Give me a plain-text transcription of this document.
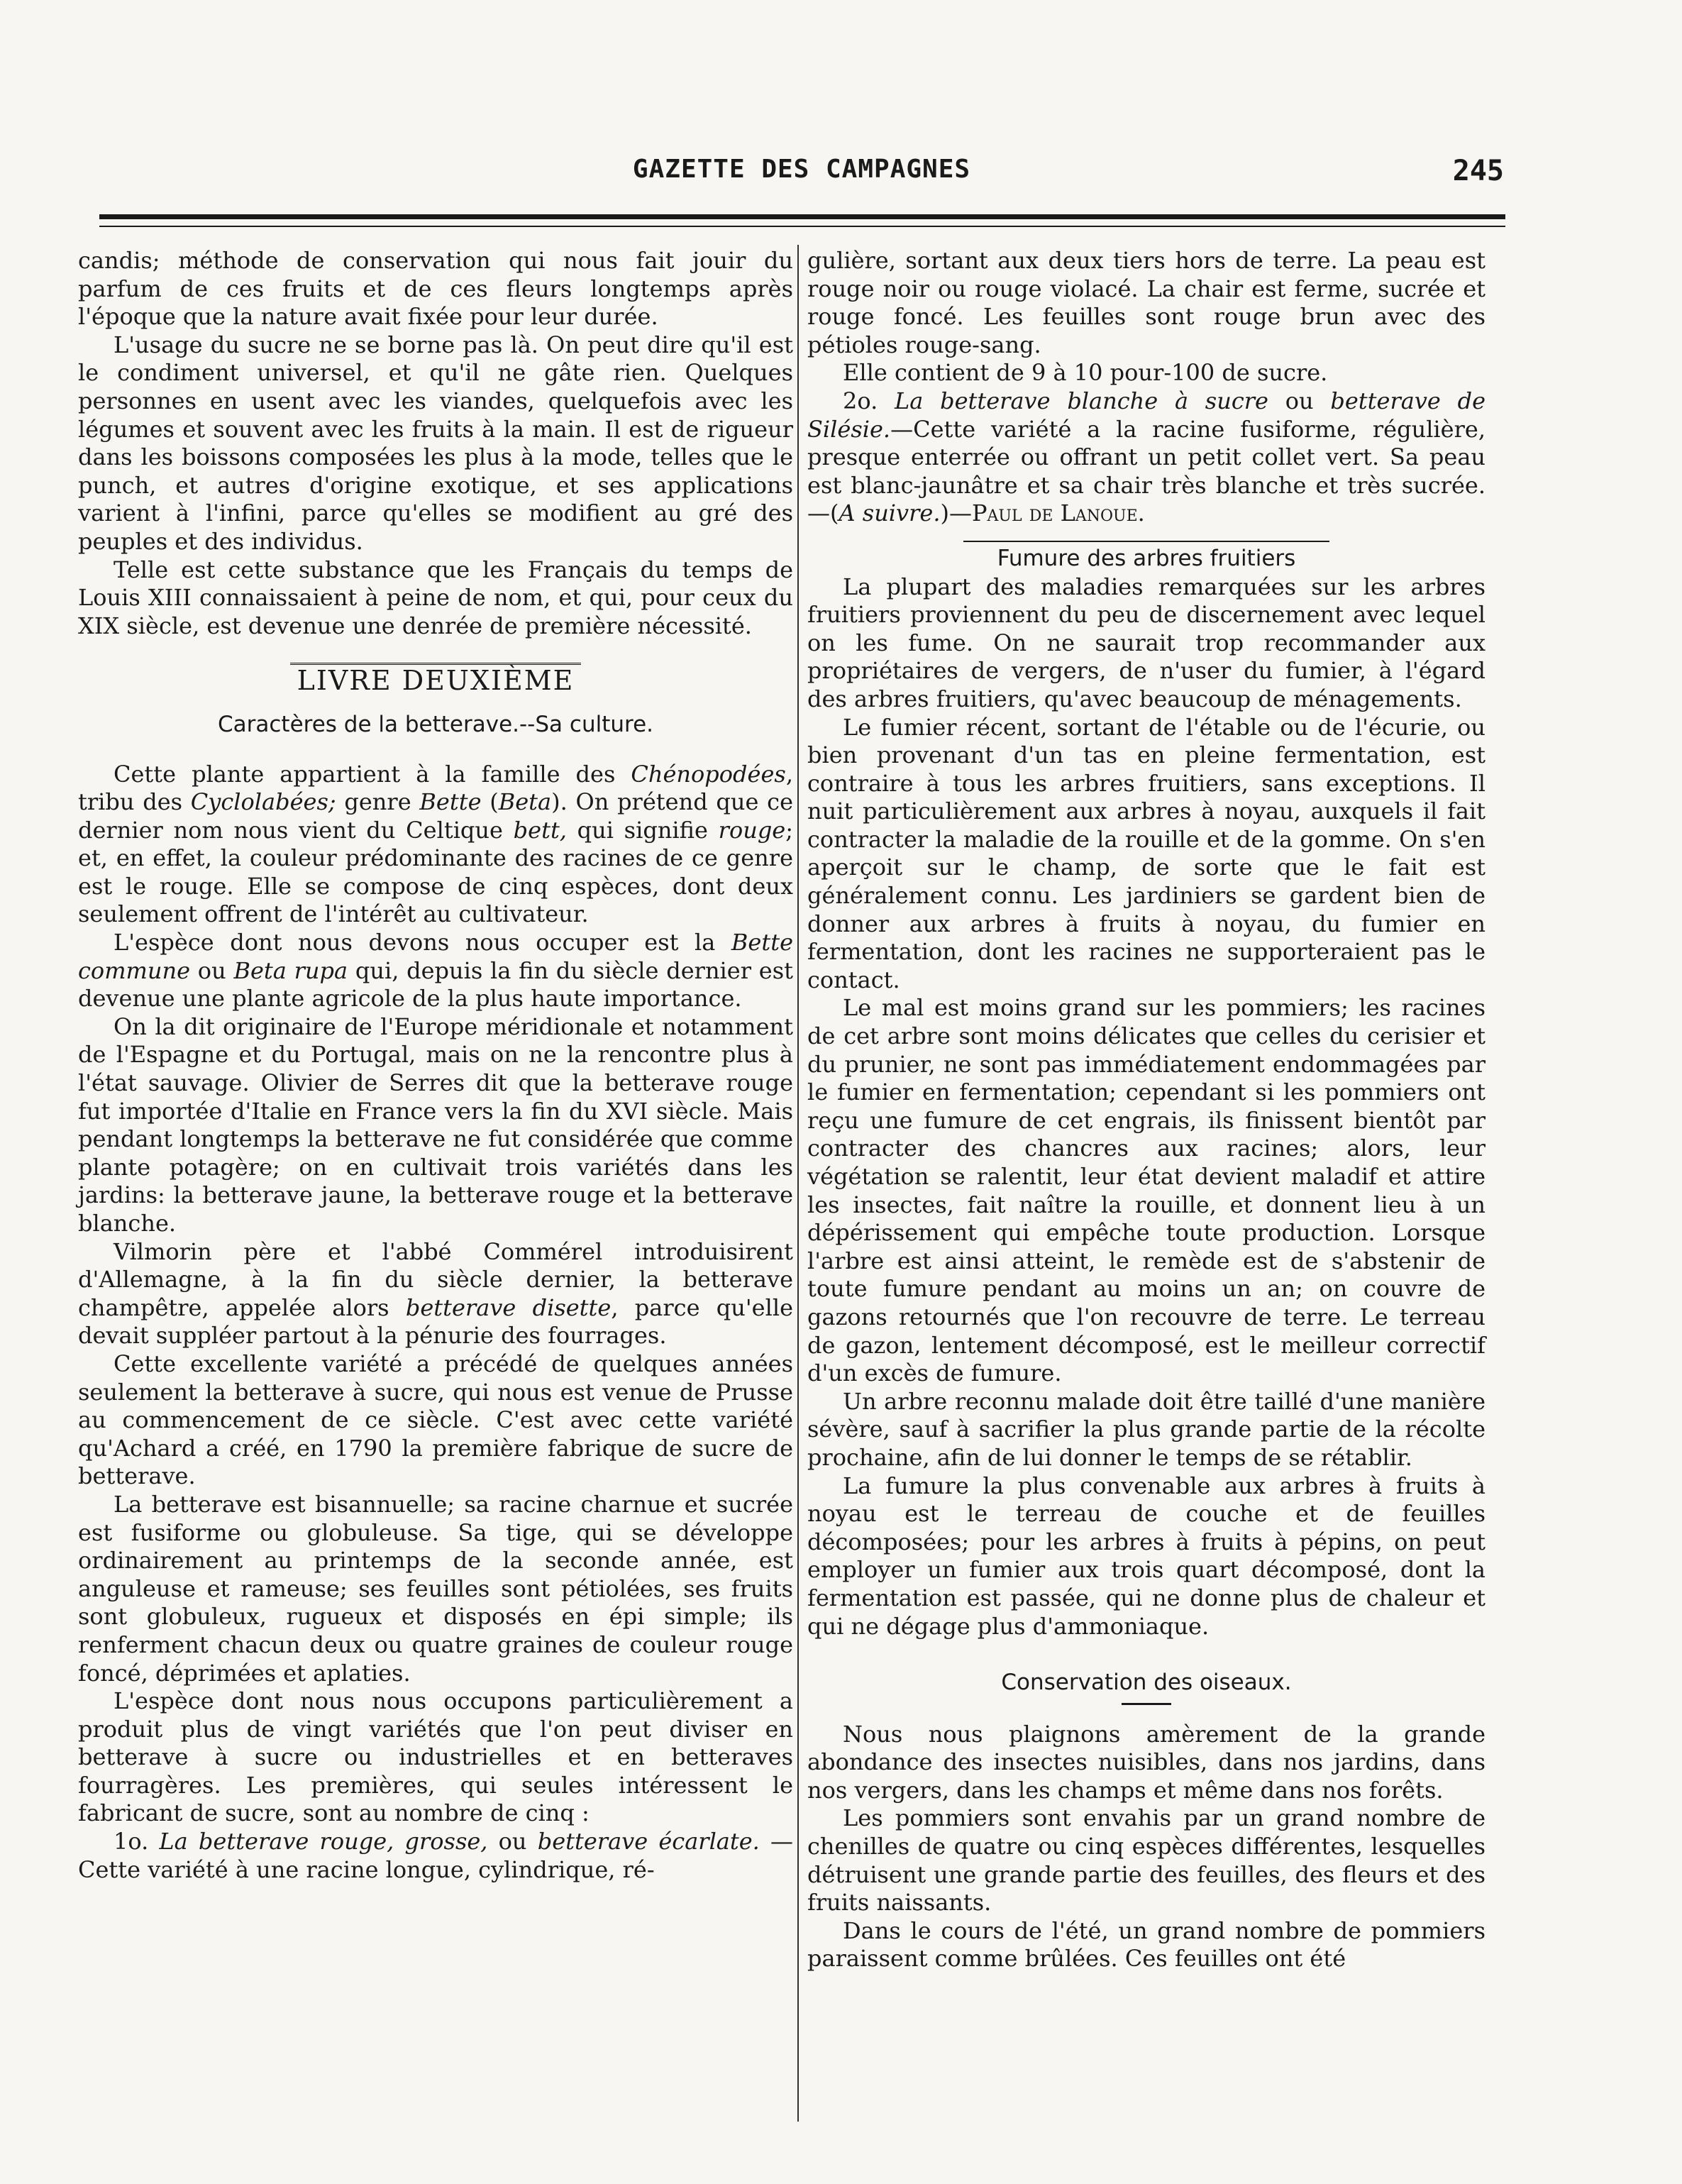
GAZETTE DES CAMPAGNES	245

candis; méthode de conservation qui nous fait jouir du parfum de ces fruits et de ces fleurs longtemps après l'époque que la nature avait fixée pour leur durée.

L'usage du sucre ne se borne pas là. On peut dire qu'il est le condiment universel, et qu'il ne gâte rien. Quelques personnes en usent avec les viandes, quelquefois avec les légumes et souvent avec les fruits à la main. Il est de rigueur dans les boissons composées les plus à la mode, telles que le punch, et autres d'origine exotique, et ses applications varient à l'infini, parce qu'elles se modifient au gré des peuples et des individus.

Telle est cette substance que les Français du temps de Louis XIII connaissaient à peine de nom, et qui, pour ceux du XIX siècle, est devenue une denrée de première nécessité.

LIVRE DEUXIÈME
Caractères de la betterave.--Sa culture.

Cette plante appartient à la famille des Chénopodées, tribu des Cyclolabées; genre Bette (Beta). On prétend que ce dernier nom nous vient du Celtique bett, qui signifie rouge; et, en effet, la couleur prédominante des racines de ce genre est le rouge. Elle se compose de cinq espèces, dont deux seulement offrent de l'intérêt au cultivateur.

L'espèce dont nous devons nous occuper est la Bette commune ou Beta rupa qui, depuis la fin du siècle dernier est devenue une plante agricole de la plus haute importance.

On la dit originaire de l'Europe méridionale et notamment de l'Espagne et du Portugal, mais on ne la rencontre plus à l'état sauvage. Olivier de Serres dit que la betterave rouge fut importée d'Italie en France vers la fin du XVI siècle. Mais pendant longtemps la betterave ne fut considérée que comme plante potagère; on en cultivait trois variétés dans les jardins: la betterave jaune, la betterave rouge et la betterave blanche.

Vilmorin père et l'abbé Commérel introduisirent d'Allemagne, à la fin du siècle dernier, la betterave champêtre, appelée alors betterave disette, parce qu'elle devait suppléer partout à la pénurie des fourrages.

Cette excellente variété a précédé de quelques années seulement la betterave à sucre, qui nous est venue de Prusse au commencement de ce siècle. C'est avec cette variété qu'Achard a créé, en 1790 la première fabrique de sucre de betterave.

La betterave est bisannuelle; sa racine charnue et sucrée est fusiforme ou globuleuse. Sa tige, qui se développe ordinairement au printemps de la seconde année, est anguleuse et rameuse; ses feuilles sont pétiolées, ses fruits sont globuleux, rugueux et disposés en épi simple; ils renferment chacun deux ou quatre graines de couleur rouge foncé, déprimées et aplaties.

L'espèce dont nous nous occupons particulièrement a produit plus de vingt variétés que l'on peut diviser en betterave à sucre ou industrielles et en betteraves fourragères. Les premières, qui seules intéressent le fabricant de sucre, sont au nombre de cinq :

1o. La betterave rouge, grosse, ou betterave écarlate. —Cette variété à une racine longue, cylindrique, ré-

gulière, sortant aux deux tiers hors de terre. La peau est rouge noir ou rouge violacé. La chair est ferme, sucrée et rouge foncé. Les feuilles sont rouge brun avec des pétioles rouge-sang.

Elle contient de 9 à 10 pour-100 de sucre.

2o. La betterave blanche à sucre ou betterave de Silésie.—Cette variété a la racine fusiforme, régulière, presque enterrée ou offrant un petit collet vert. Sa peau est blanc-jaunâtre et sa chair très blanche et très sucrée.—(A suivre.)—Paul de Lanoue.

Fumure des arbres fruitiers

La plupart des maladies remarquées sur les arbres fruitiers proviennent du peu de discernement avec lequel on les fume. On ne saurait trop recommander aux propriétaires de vergers, de n'user du fumier, à l'égard des arbres fruitiers, qu'avec beaucoup de ménagements.

Le fumier récent, sortant de l'étable ou de l'écurie, ou bien provenant d'un tas en pleine fermentation, est contraire à tous les arbres fruitiers, sans exceptions. Il nuit particulièrement aux arbres à noyau, auxquels il fait contracter la maladie de la rouille et de la gomme. On s'en aperçoit sur le champ, de sorte que le fait est généralement connu. Les jardiniers se gardent bien de donner aux arbres à fruits à noyau, du fumier en fermentation, dont les racines ne supporteraient pas le contact.

Le mal est moins grand sur les pommiers; les racines de cet arbre sont moins délicates que celles du cerisier et du prunier, ne sont pas immédiatement endommagées par le fumier en fermentation; cependant si les pommiers ont reçu une fumure de cet engrais, ils finissent bientôt par contracter des chancres aux racines; alors, leur végétation se ralentit, leur état devient maladif et attire les insectes, fait naître la rouille, et donnent lieu à un dépérissement qui empêche toute production. Lorsque l'arbre est ainsi atteint, le remède est de s'abstenir de toute fumure pendant au moins un an; on couvre de gazons retournés que l'on recouvre de terre. Le terreau de gazon, lentement décomposé, est le meilleur correctif d'un excès de fumure.

Un arbre reconnu malade doit être taillé d'une manière sévère, sauf à sacrifier la plus grande partie de la récolte prochaine, afin de lui donner le temps de se rétablir.

La fumure la plus convenable aux arbres à fruits à noyau est le terreau de couche et de feuilles décomposées; pour les arbres à fruits à pépins, on peut employer un fumier aux trois quart décomposé, dont la fermentation est passée, qui ne donne plus de chaleur et qui ne dégage plus d'ammoniaque.

Conservation des oiseaux.

Nous nous plaignons amèrement de la grande abondance des insectes nuisibles, dans nos jardins, dans nos vergers, dans les champs et même dans nos forêts.

Les pommiers sont envahis par un grand nombre de chenilles de quatre ou cinq espèces différentes, lesquelles détruisent une grande partie des feuilles, des fleurs et des fruits naissants.

Dans le cours de l'été, un grand nombre de pommiers paraissent comme brûlées. Ces feuilles ont été
